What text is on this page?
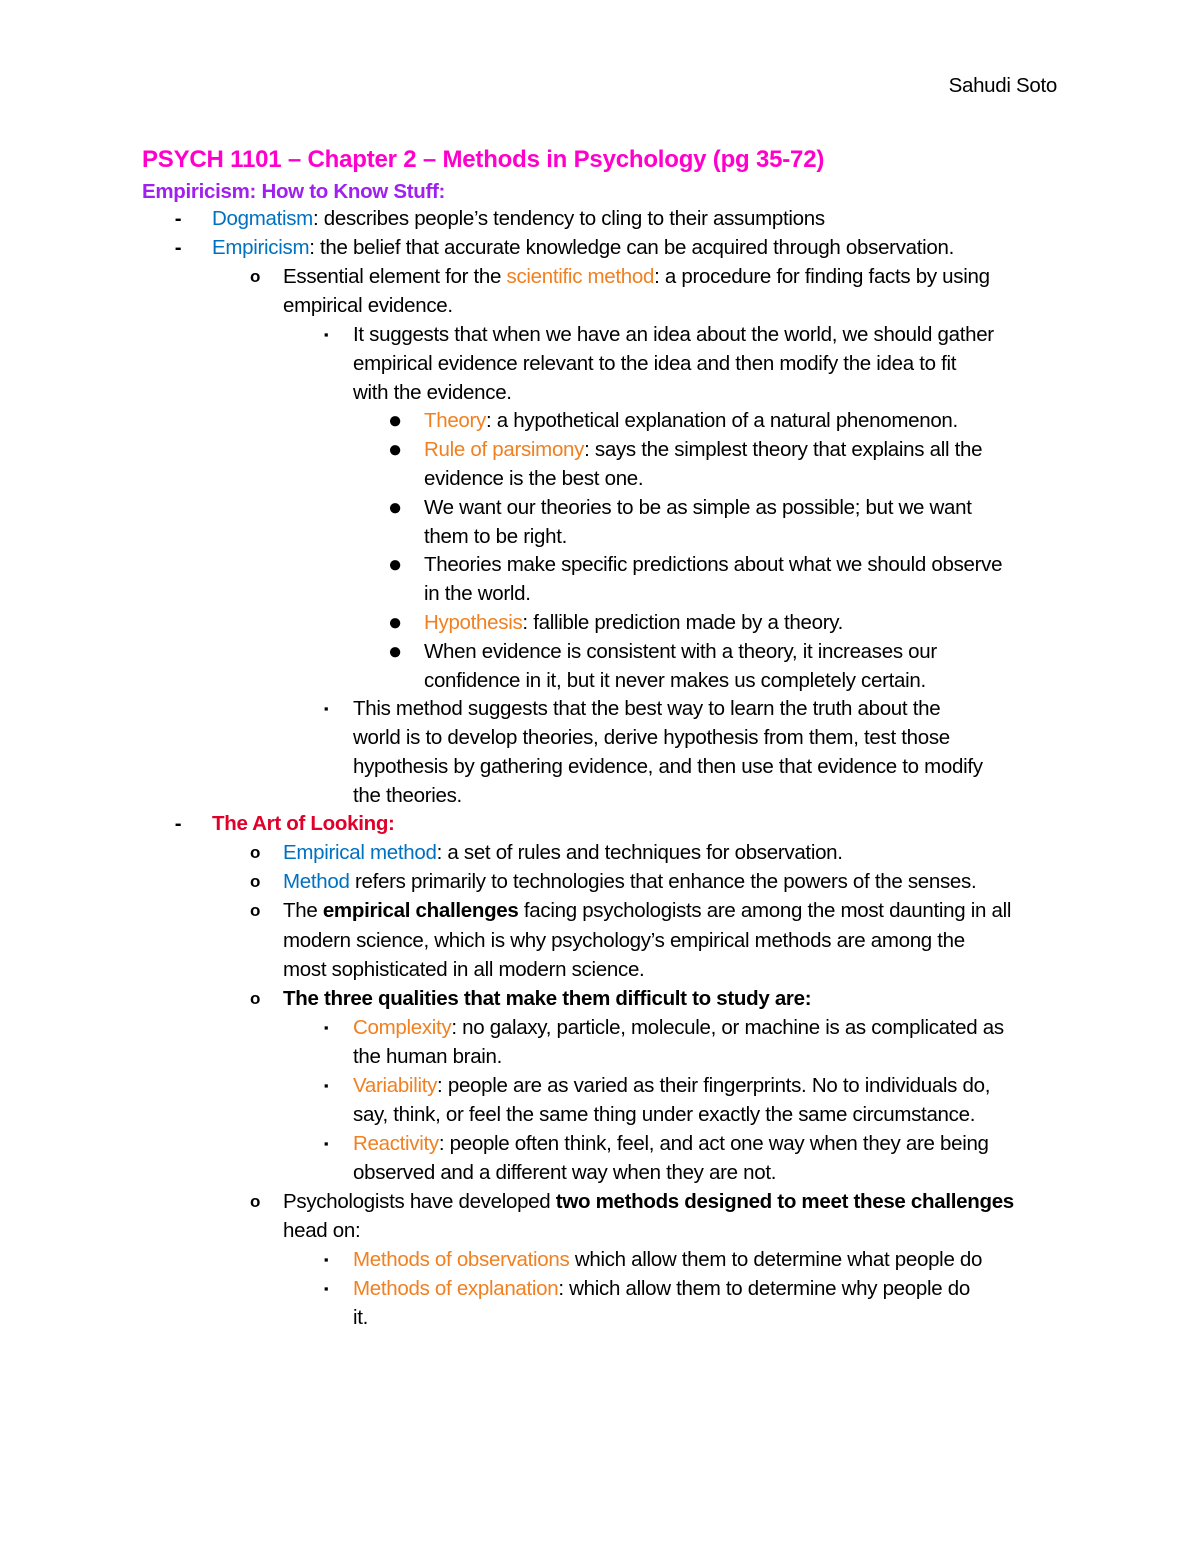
Sahudi Soto
PSYCH 1101 – Chapter 2 – Methods in Psychology (pg 35-72)
Empiricism: How to Know Stuff:
-	Dogmatism: describes people’s tendency to cling to their assumptions
-	Empiricism: the belief that accurate knowledge can be acquired through observation.
o Essential element for the scientific method: a procedure for finding facts by using
empirical evidence.
▪	It suggests that when we have an idea about the world, we should gather
empirical evidence relevant to the idea and then modify the idea to fit
with the evidence.
● Theory: a hypothetical explanation of a natural phenomenon.
● Rule of parsimony: says the simplest theory that explains all the
evidence is the best one.
● We want our theories to be as simple as possible; but we want
them to be right.
● Theories make specific predictions about what we should observe
in the world.
● Hypothesis: fallible prediction made by a theory.
● When evidence is consistent with a theory, it increases our
confidence in it, but it never makes us completely certain.
▪	This method suggests that the best way to learn the truth about the
world is to develop theories, derive hypothesis from them, test those
hypothesis by gathering evidence, and then use that evidence to modify
the theories.
-	The Art of Looking:
o Empirical method: a set of rules and techniques for observation.
o Method refers primarily to technologies that enhance the powers of the senses.
o The empirical challenges facing psychologists are among the most daunting in all
modern science, which is why psychology’s empirical methods are among the
most sophisticated in all modern science.
o The three qualities that make them difficult to study are:
▪	Complexity: no galaxy, particle, molecule, or machine is as complicated as
the human brain.
▪	Variability: people are as varied as their fingerprints. No to individuals do,
say, think, or feel the same thing under exactly the same circumstance.
▪	Reactivity: people often think, feel, and act one way when they are being
observed and a different way when they are not.
o Psychologists have developed two methods designed to meet these challenges
head on:
▪	Methods of observations which allow them to determine what people do
▪	Methods of explanation: which allow them to determine why people do
it.
